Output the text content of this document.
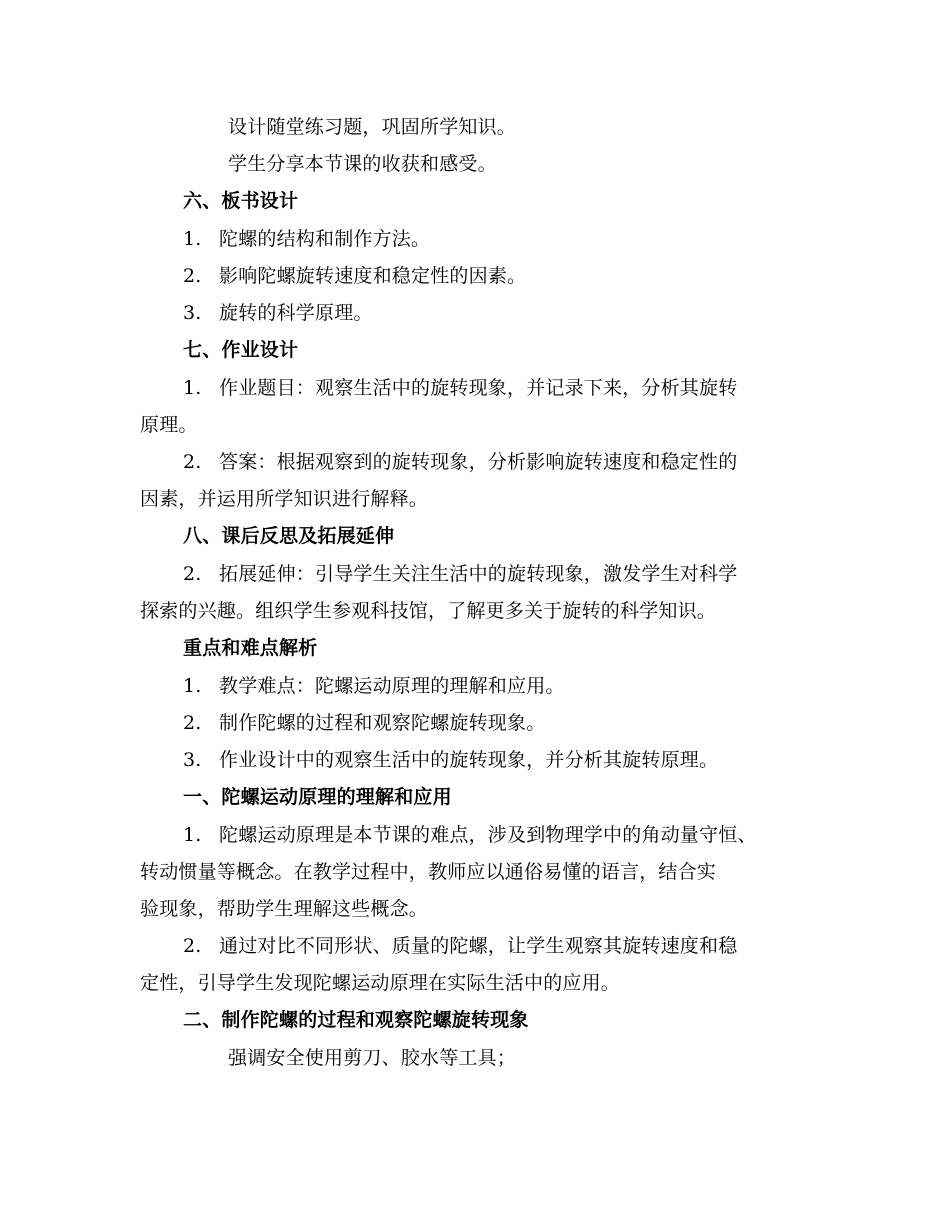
设计随堂练习题，巩固所学知识。
学生分享本节课的收获和感受。
六、板书设计
1. 陀螺的结构和制作方法。
2. 影响陀螺旋转速度和稳定性的因素。
3. 旋转的科学原理。
七、作业设计
1. 作业题目：观察生活中的旋转现象，并记录下来，分析其旋转
原理。
2. 答案：根据观察到的旋转现象，分析影响旋转速度和稳定性的
因素，并运用所学知识进行解释。
八、课后反思及拓展延伸
2. 拓展延伸：引导学生关注生活中的旋转现象，激发学生对科学
探索的兴趣。组织学生参观科技馆，了解更多关于旋转的科学知识。
重点和难点解析
1. 教学难点：陀螺运动原理的理解和应用。
2. 制作陀螺的过程和观察陀螺旋转现象。
3. 作业设计中的观察生活中的旋转现象，并分析其旋转原理。
一、陀螺运动原理的理解和应用
1. 陀螺运动原理是本节课的难点，涉及到物理学中的角动量守恒、
转动惯量等概念。在教学过程中，教师应以通俗易懂的语言，结合实
验现象，帮助学生理解这些概念。
2. 通过对比不同形状、质量的陀螺，让学生观察其旋转速度和稳
定性，引导学生发现陀螺运动原理在实际生活中的应用。
二、制作陀螺的过程和观察陀螺旋转现象
强调安全使用剪刀、胶水等工具；
